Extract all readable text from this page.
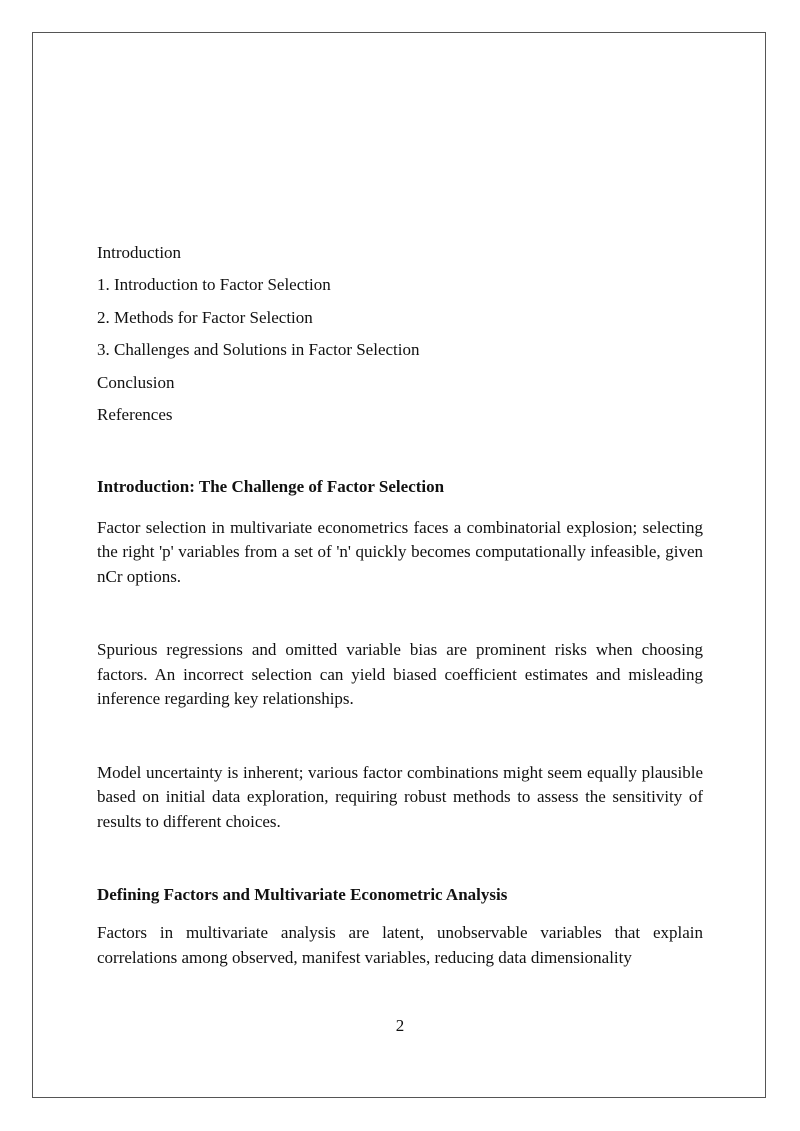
Introduction
1. Introduction to Factor Selection
2. Methods for Factor Selection
3. Challenges and Solutions in Factor Selection
Conclusion
References
Introduction: The Challenge of Factor Selection

Factor selection in multivariate econometrics faces a combinatorial explosion; selecting the right 'p' variables from a set of 'n' quickly becomes computationally infeasible, given nCr options.

Spurious regressions and omitted variable bias are prominent risks when choosing factors. An incorrect selection can yield biased coefficient estimates and misleading inference regarding key relationships.

Model uncertainty is inherent; various factor combinations might seem equally plausible based on initial data exploration, requiring robust methods to assess the sensitivity of results to different choices.

Defining Factors and Multivariate Econometric Analysis

Factors in multivariate analysis are latent, unobservable variables that explain correlations among observed, manifest variables, reducing data dimensionality

2
